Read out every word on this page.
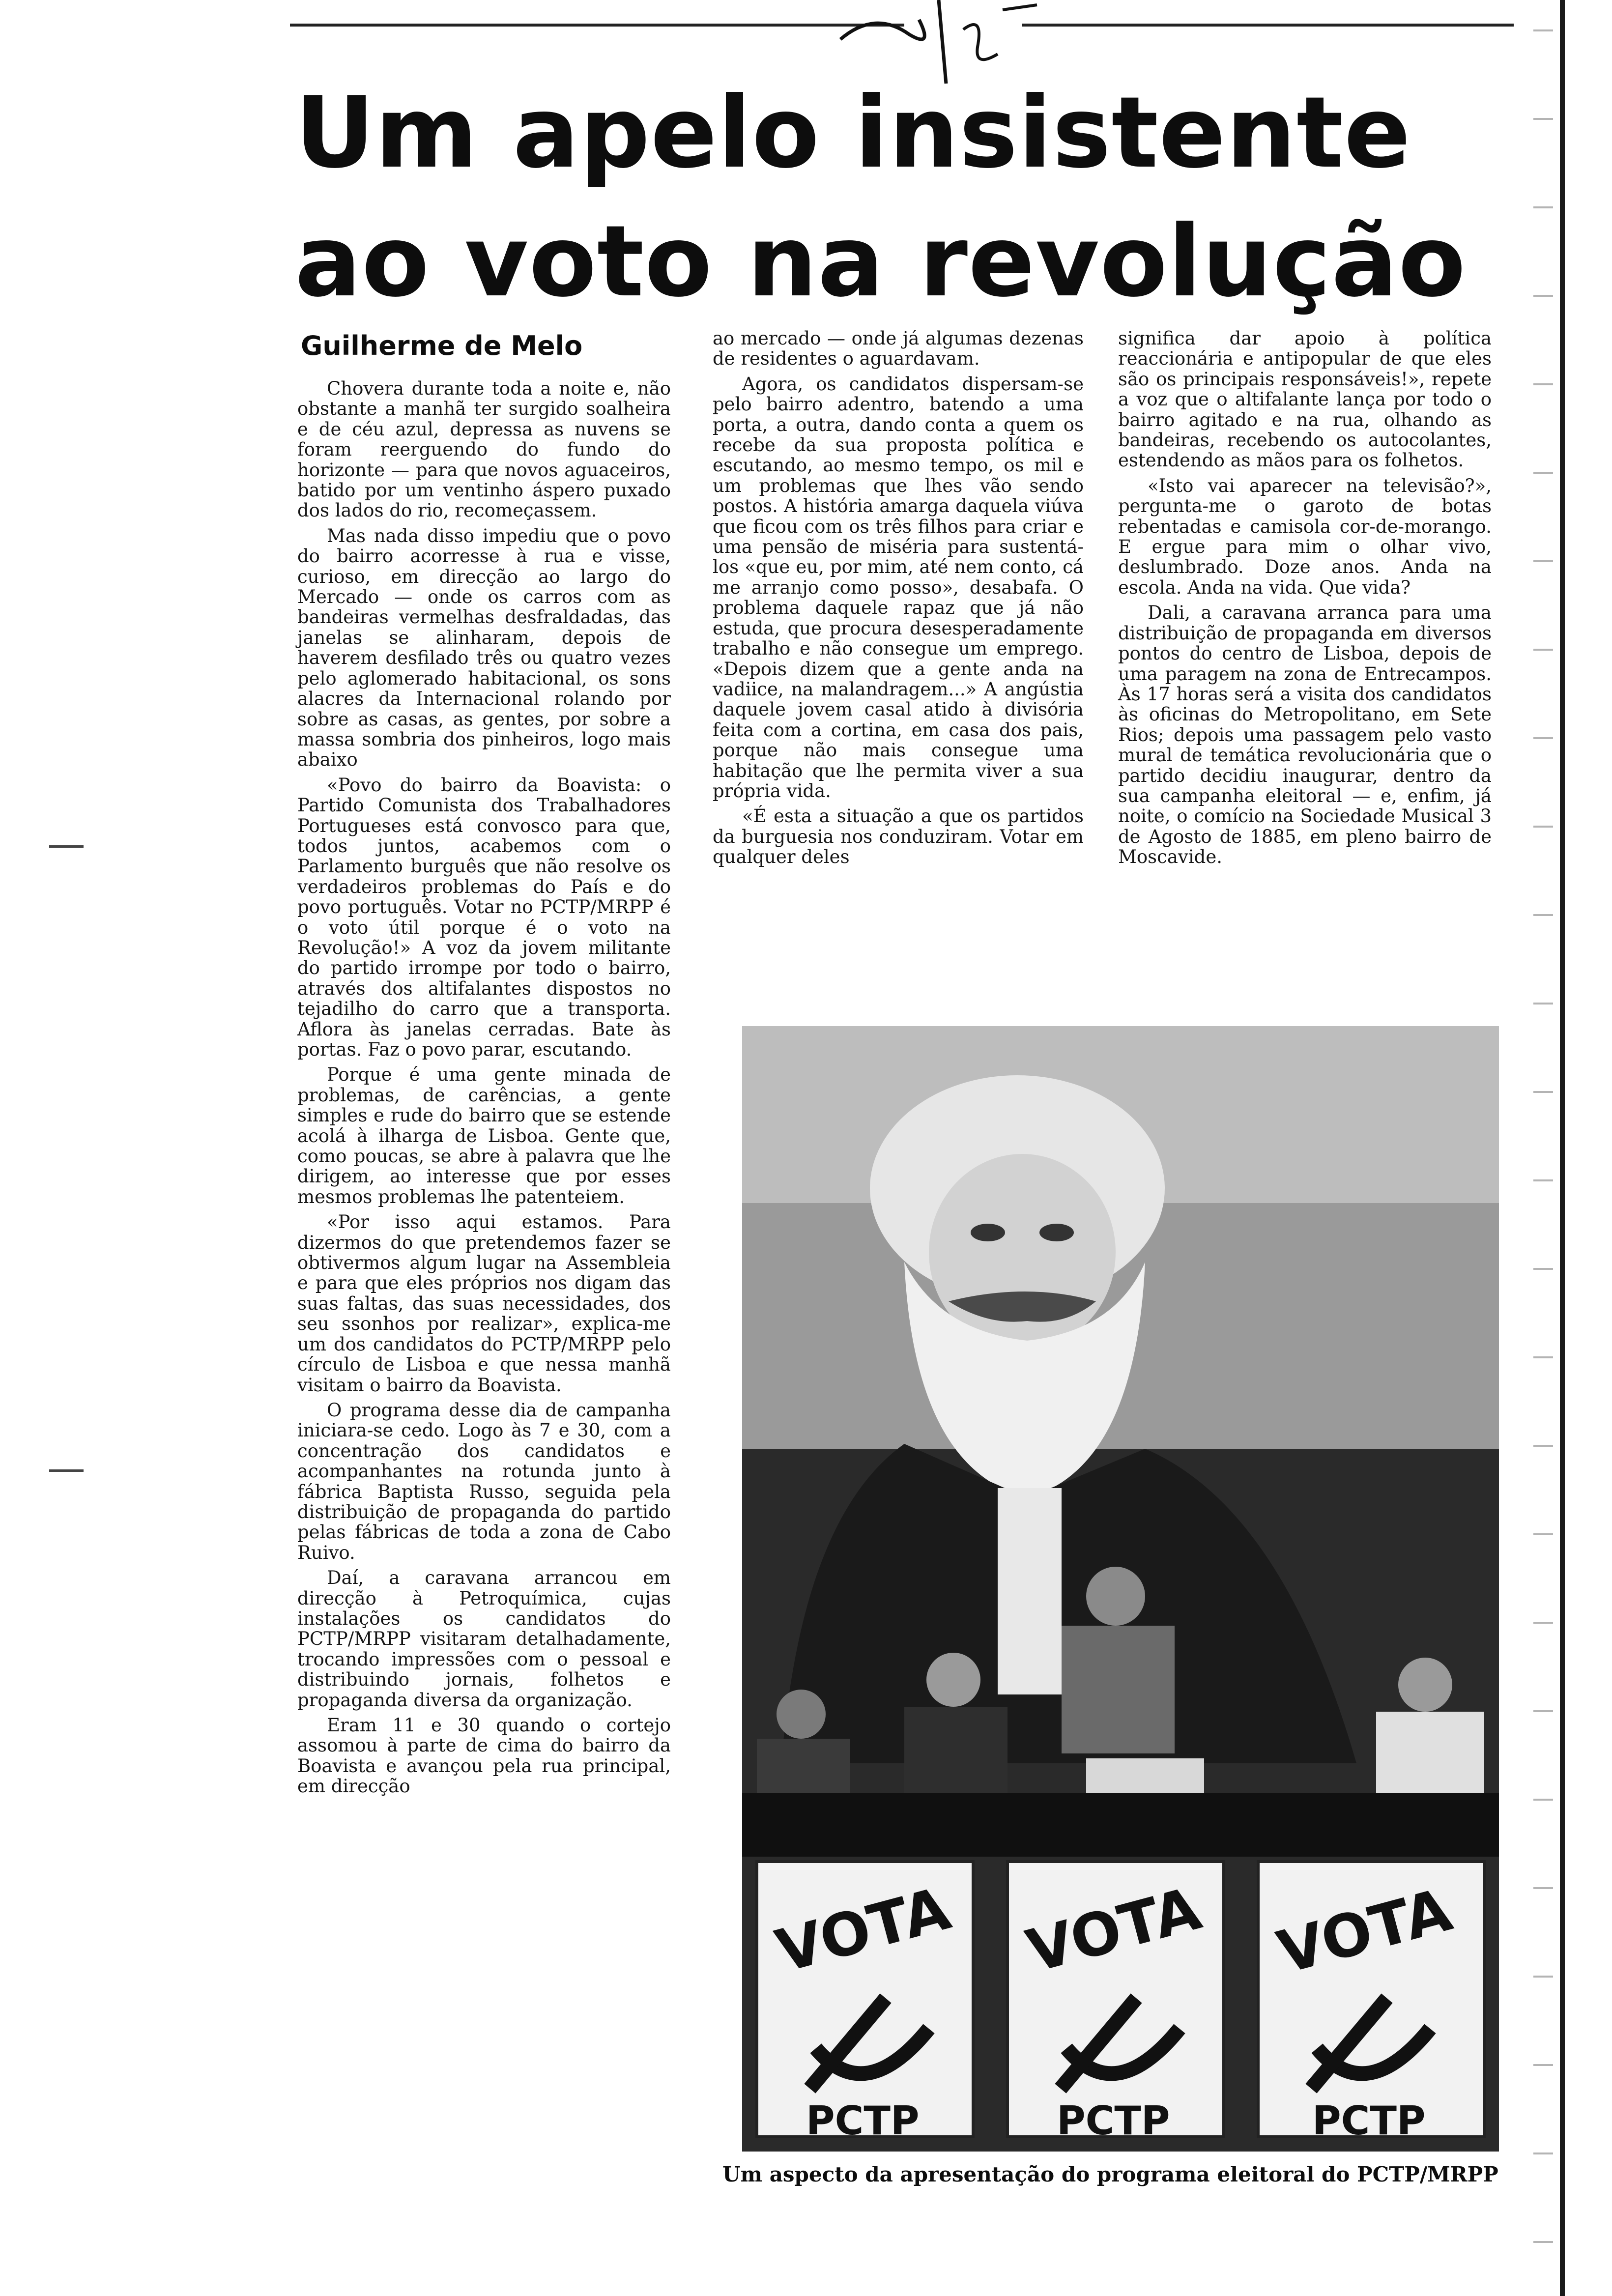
Um apelo insistente
ao voto na revolução
Guilherme de Melo

Chovera durante toda a noite e, não obstante a manhã ter surgido soalheira e de céu azul, depressa as nuvens se foram reerguendo do fundo do horizonte — para que novos aguaceiros, batido por um ventinho áspero puxado dos lados do rio, recomeçassem.

Mas nada disso impediu que o povo do bairro acorresse à rua e visse, curioso, em direcção ao largo do Mercado — onde os carros com as bandeiras vermelhas desfraldadas, das janelas se alinharam, depois de haverem desfilado três ou quatro vezes pelo aglomerado habitacional, os sons alacres da Internacional rolando por sobre as casas, as gentes, por sobre a massa sombria dos pinheiros, logo mais abaixo

«Povo do bairro da Boavista: o Partido Comunista dos Trabalhadores Portugueses está convosco para que, todos juntos, acabemos com o Parlamento burguês que não resolve os verdadeiros problemas do País e do povo português. Votar no PCTP/MRPP é o voto útil porque é o voto na Revolução!» A voz da jovem militante do partido irrompe por todo o bairro, através dos altifalantes dispostos no tejadilho do carro que a transporta. Aflora às janelas cerradas. Bate às portas. Faz o povo parar, escutando.

Porque é uma gente minada de problemas, de carências, a gente simples e rude do bairro que se estende acolá à ilharga de Lisboa. Gente que, como poucas, se abre à palavra que lhe dirigem, ao interesse que por esses mesmos problemas lhe patenteiem.

«Por isso aqui estamos. Para dizermos do que pretendemos fazer se obtivermos algum lugar na Assembleia e para que eles próprios nos digam das suas faltas, das suas necessidades, dos seu ssonhos por realizar», explica-me um dos candidatos do PCTP/MRPP pelo círculo de Lisboa e que nessa manhã visitam o bairro da Boavista.

O programa desse dia de campanha iniciara-se cedo. Logo às 7 e 30, com a concentração dos candidatos e acompanhantes na rotunda junto à fábrica Baptista Russo, seguida pela distribuição de propaganda do partido pelas fábricas de toda a zona de Cabo Ruivo.

Daí, a caravana arrancou em direcção à Petroquímica, cujas instalações os candidatos do PCTP/MRPP visitaram detalhadamente, trocando impressões com o pessoal e distribuindo jornais, folhetos e propaganda diversa da organização.

Eram 11 e 30 quando o cortejo assomou à parte de cima do bairro da Boavista e avançou pela rua principal, em direcção

ao mercado — onde já algumas dezenas de residentes o aguardavam.

Agora, os candidatos dispersam-se pelo bairro adentro, batendo a uma porta, a outra, dando conta a quem os recebe da sua proposta política e escutando, ao mesmo tempo, os mil e um problemas que lhes vão sendo postos. A história amarga daquela viúva que ficou com os três filhos para criar e uma pensão de miséria para sustentá-los «que eu, por mim, até nem conto, cá me arranjo como posso», desabafa. O problema daquele rapaz que já não estuda, que procura desesperadamente trabalho e não consegue um emprego. «Depois dizem que a gente anda na vadiice, na malandragem...» A angústia daquele jovem casal atido à divisória feita com a cortina, em casa dos pais, porque não mais consegue uma habitação que lhe permita viver a sua própria vida.

«É esta a situação a que os partidos da burguesia nos conduziram. Votar em qualquer deles

significa dar apoio à política reaccionária e antipopular de que eles são os principais responsáveis!», repete a voz que o altifalante lança por todo o bairro agitado e na rua, olhando as bandeiras, recebendo os autocolantes, estendendo as mãos para os folhetos.

«Isto vai aparecer na televisão?», pergunta-me o garoto de botas rebentadas e camisola cor-de-morango. E ergue para mim o olhar vivo, deslumbrado. Doze anos. Anda na escola. Anda na vida. Que vida?

Dali, a caravana arranca para uma distribuição de propaganda em diversos pontos do centro de Lisboa, depois de uma paragem na zona de Entrecampos. Às 17 horas será a visita dos candidatos às oficinas do Metropolitano, em Sete Rios; depois uma passagem pelo vasto mural de temática revolucionária que o partido decidiu inaugurar, dentro da sua campanha eleitoral — e, enfim, já noite, o comício na Sociedade Musical 3 de Agosto de 1885, em pleno bairro de Moscavide.

VOTA
PCTP
VOTA
PCTP
VOTA
PCTP
Um aspecto da apresentação do programa eleitoral do PCTP/MRPP
